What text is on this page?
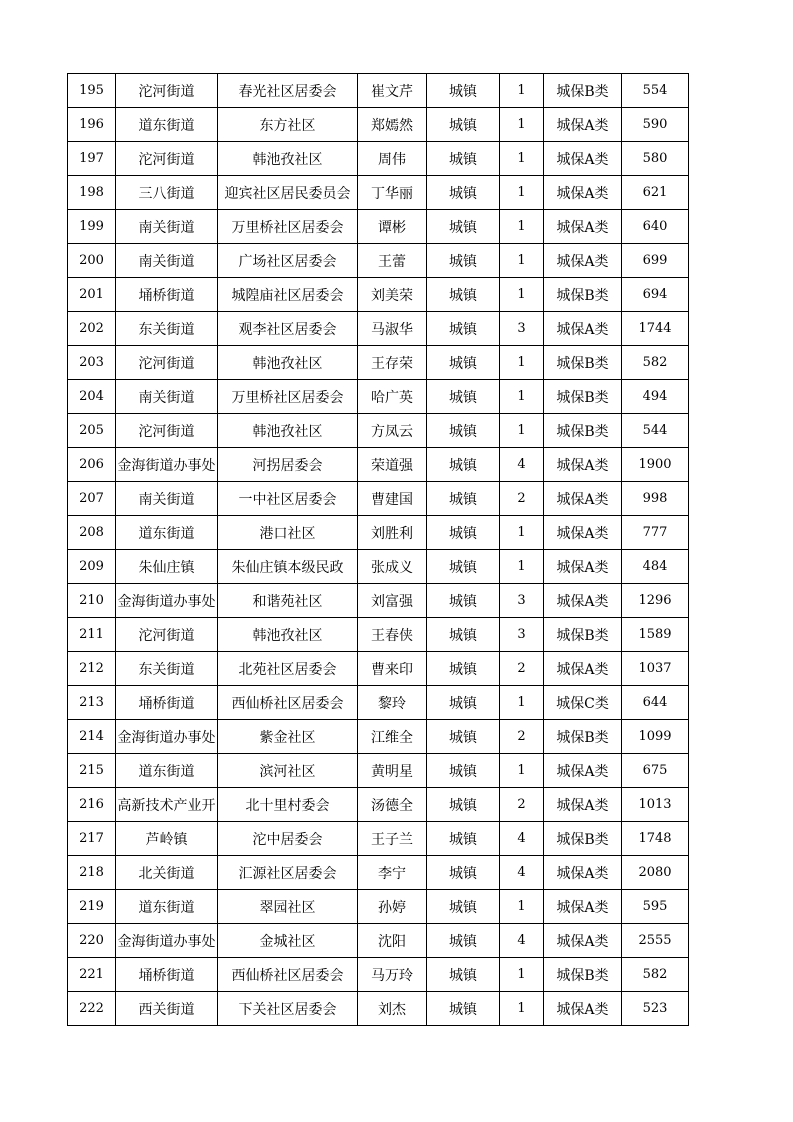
195	沱河街道	春光社区居委会	崔文芹	城镇	1	城保B类	554
196	道东街道	东方社区	郑嫣然	城镇	1	城保A类	590
197	沱河街道	韩池孜社区	周伟	城镇	1	城保A类	580
198	三八街道	迎宾社区居民委员会	丁华丽	城镇	1	城保A类	621
199	南关街道	万里桥社区居委会	谭彬	城镇	1	城保A类	640
200	南关街道	广场社区居委会	王蕾	城镇	1	城保A类	699
201	埇桥街道	城隍庙社区居委会	刘美荣	城镇	1	城保B类	694
202	东关街道	观李社区居委会	马淑华	城镇	3	城保A类	1744
203	沱河街道	韩池孜社区	王存荣	城镇	1	城保B类	582
204	南关街道	万里桥社区居委会	哈广英	城镇	1	城保B类	494
205	沱河街道	韩池孜社区	方凤云	城镇	1	城保B类	544
206	金海街道办事处	河拐居委会	荣道强	城镇	4	城保A类	1900
207	南关街道	一中社区居委会	曹建国	城镇	2	城保A类	998
208	道东街道	港口社区	刘胜利	城镇	1	城保A类	777
209	朱仙庄镇	朱仙庄镇本级民政	张成义	城镇	1	城保A类	484
210	金海街道办事处	和谐苑社区	刘富强	城镇	3	城保A类	1296
211	沱河街道	韩池孜社区	王春侠	城镇	3	城保B类	1589
212	东关街道	北苑社区居委会	曹来印	城镇	2	城保A类	1037
213	埇桥街道	西仙桥社区居委会	黎玲	城镇	1	城保C类	644
214	金海街道办事处	紫金社区	江维全	城镇	2	城保B类	1099
215	道东街道	滨河社区	黄明星	城镇	1	城保A类	675
216	高新技术产业开	北十里村委会	汤德全	城镇	2	城保A类	1013
217	芦岭镇	沱中居委会	王子兰	城镇	4	城保B类	1748
218	北关街道	汇源社区居委会	李宁	城镇	4	城保A类	2080
219	道东街道	翠园社区	孙婷	城镇	1	城保A类	595
220	金海街道办事处	金城社区	沈阳	城镇	4	城保A类	2555
221	埇桥街道	西仙桥社区居委会	马万玲	城镇	1	城保B类	582
222	西关街道	下关社区居委会	刘杰	城镇	1	城保A类	523
